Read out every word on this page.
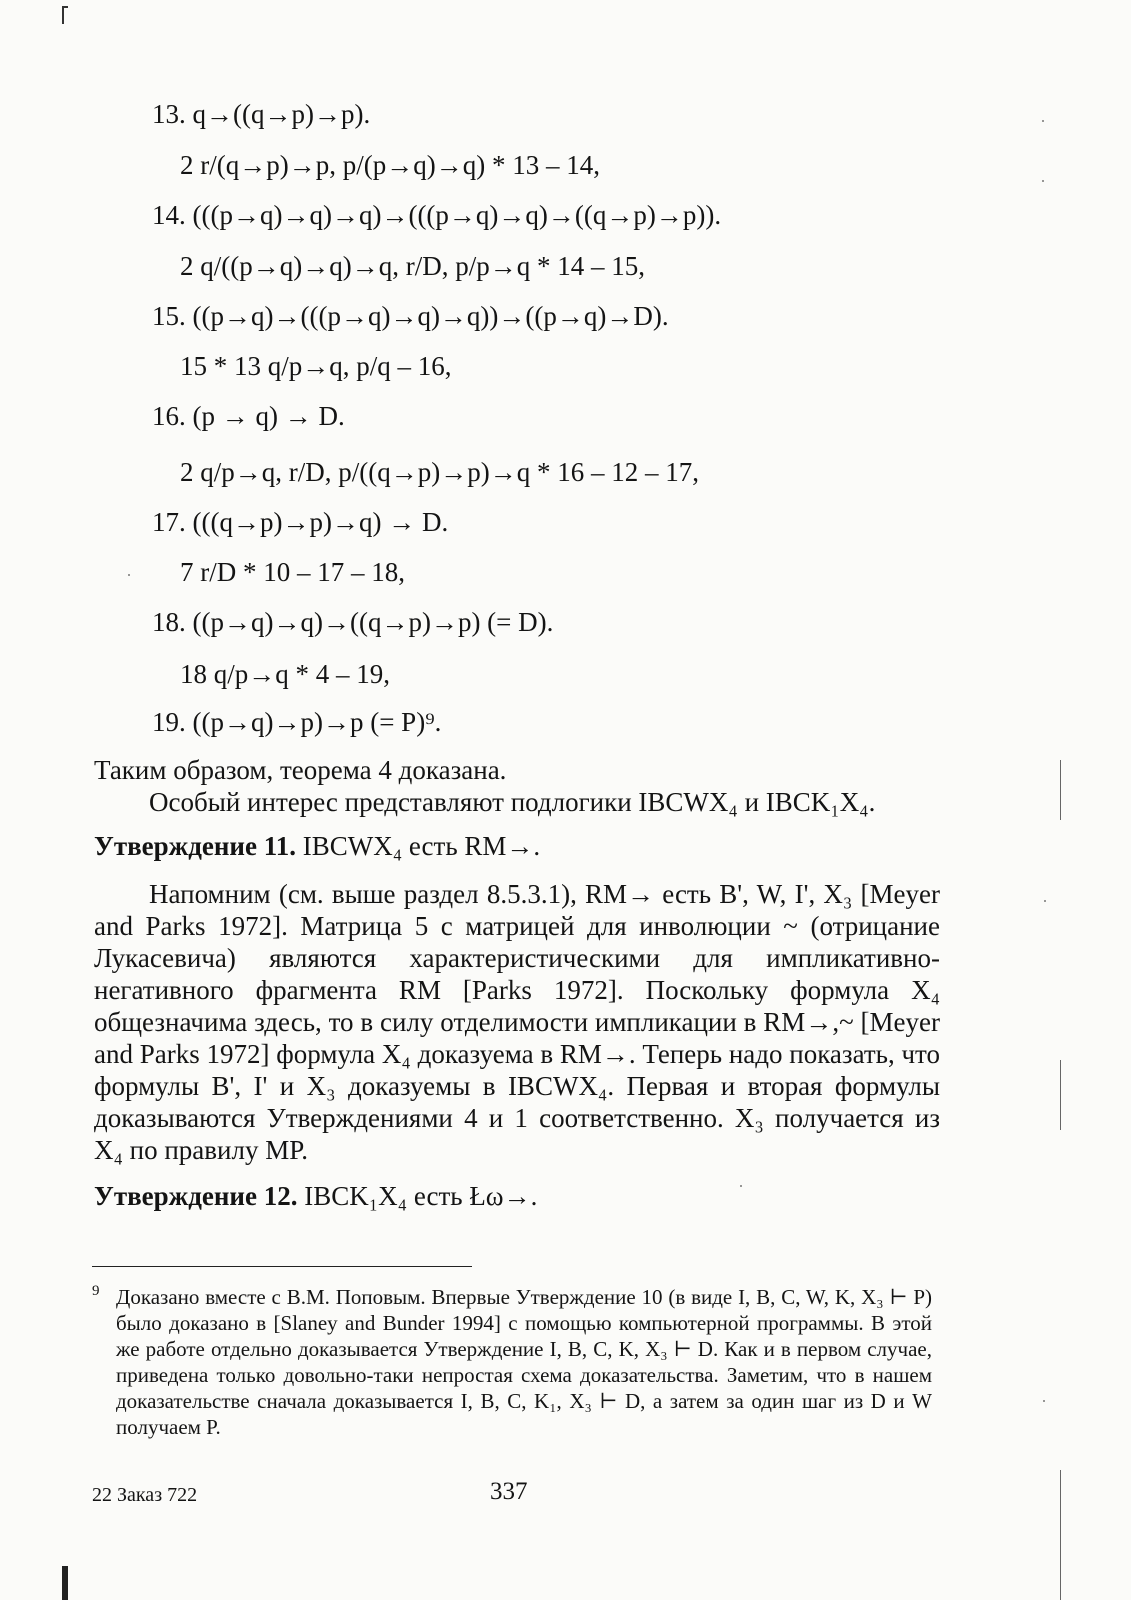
13. q→((q→p)→p).
2 r/(q→p)→p, p/(p→q)→q) * 13 – 14,
14. (((p→q)→q)→q)→(((p→q)→q)→((q→p)→p)).
2 q/((p→q)→q)→q, r/D, p/p→q * 14 – 15,
15. ((p→q)→(((p→q)→q)→q))→((p→q)→D).
15 * 13 q/p→q, p/q – 16,
16. (p → q) → D.
2 q/p→q, r/D, p/((q→p)→p)→q * 16 – 12 – 17,
17. (((q→p)→p)→q) → D.
7 r/D * 10 – 17 – 18,
18. ((p→q)→q)→((q→p)→p) (= D).
18 q/p→q * 4 – 19,
19. ((p→q)→p)→p (= P)⁹.
Таким образом, теорема 4 доказана.
Особый интерес представляют подлогики IBCWX₄ и IBCK₁X₄.
Утверждение 11. IBCWX₄ есть RM→.
Напомним (см. выше раздел 8.5.3.1), RM→ есть B', W, I', X₃ [Meyer and Parks 1972]. Матрица 5 с матрицей для инволюции ~ (отрицание Лукасевича) являются характеристическими для импликативно-негативного фрагмента RM [Parks 1972]. Поскольку формула X₄ общезначима здесь, то в силу отделимости импликации в RM→,~ [Meyer and Parks 1972] формула X₄ доказуема в RM→. Теперь надо показать, что формулы B', I' и X₃ доказуемы в IBCWX₄. Первая и вторая формулы доказываются Утверждениями 4 и 1 соответственно. X₃ получается из X₄ по правилу MP.
Утверждение 12. IBCK₁X₄ есть Łω→.
9 Доказано вместе с В.М. Поповым. Впервые Утверждение 10 (в виде I, B, C, W, K, X₃ ⊢ P) было доказано в [Slaney and Bunder 1994] с помощью компьютерной программы. В этой же работе отдельно доказывается Утверждение I, B, C, K, X₃ ⊢ D. Как и в первом случае, приведена только довольно-таки непростая схема доказательства. Заметим, что в нашем доказательстве сначала доказывается I, B, C, K₁, X₃ ⊢ D, а затем за один шаг из D и W получаем P.
22 Заказ 722	337
